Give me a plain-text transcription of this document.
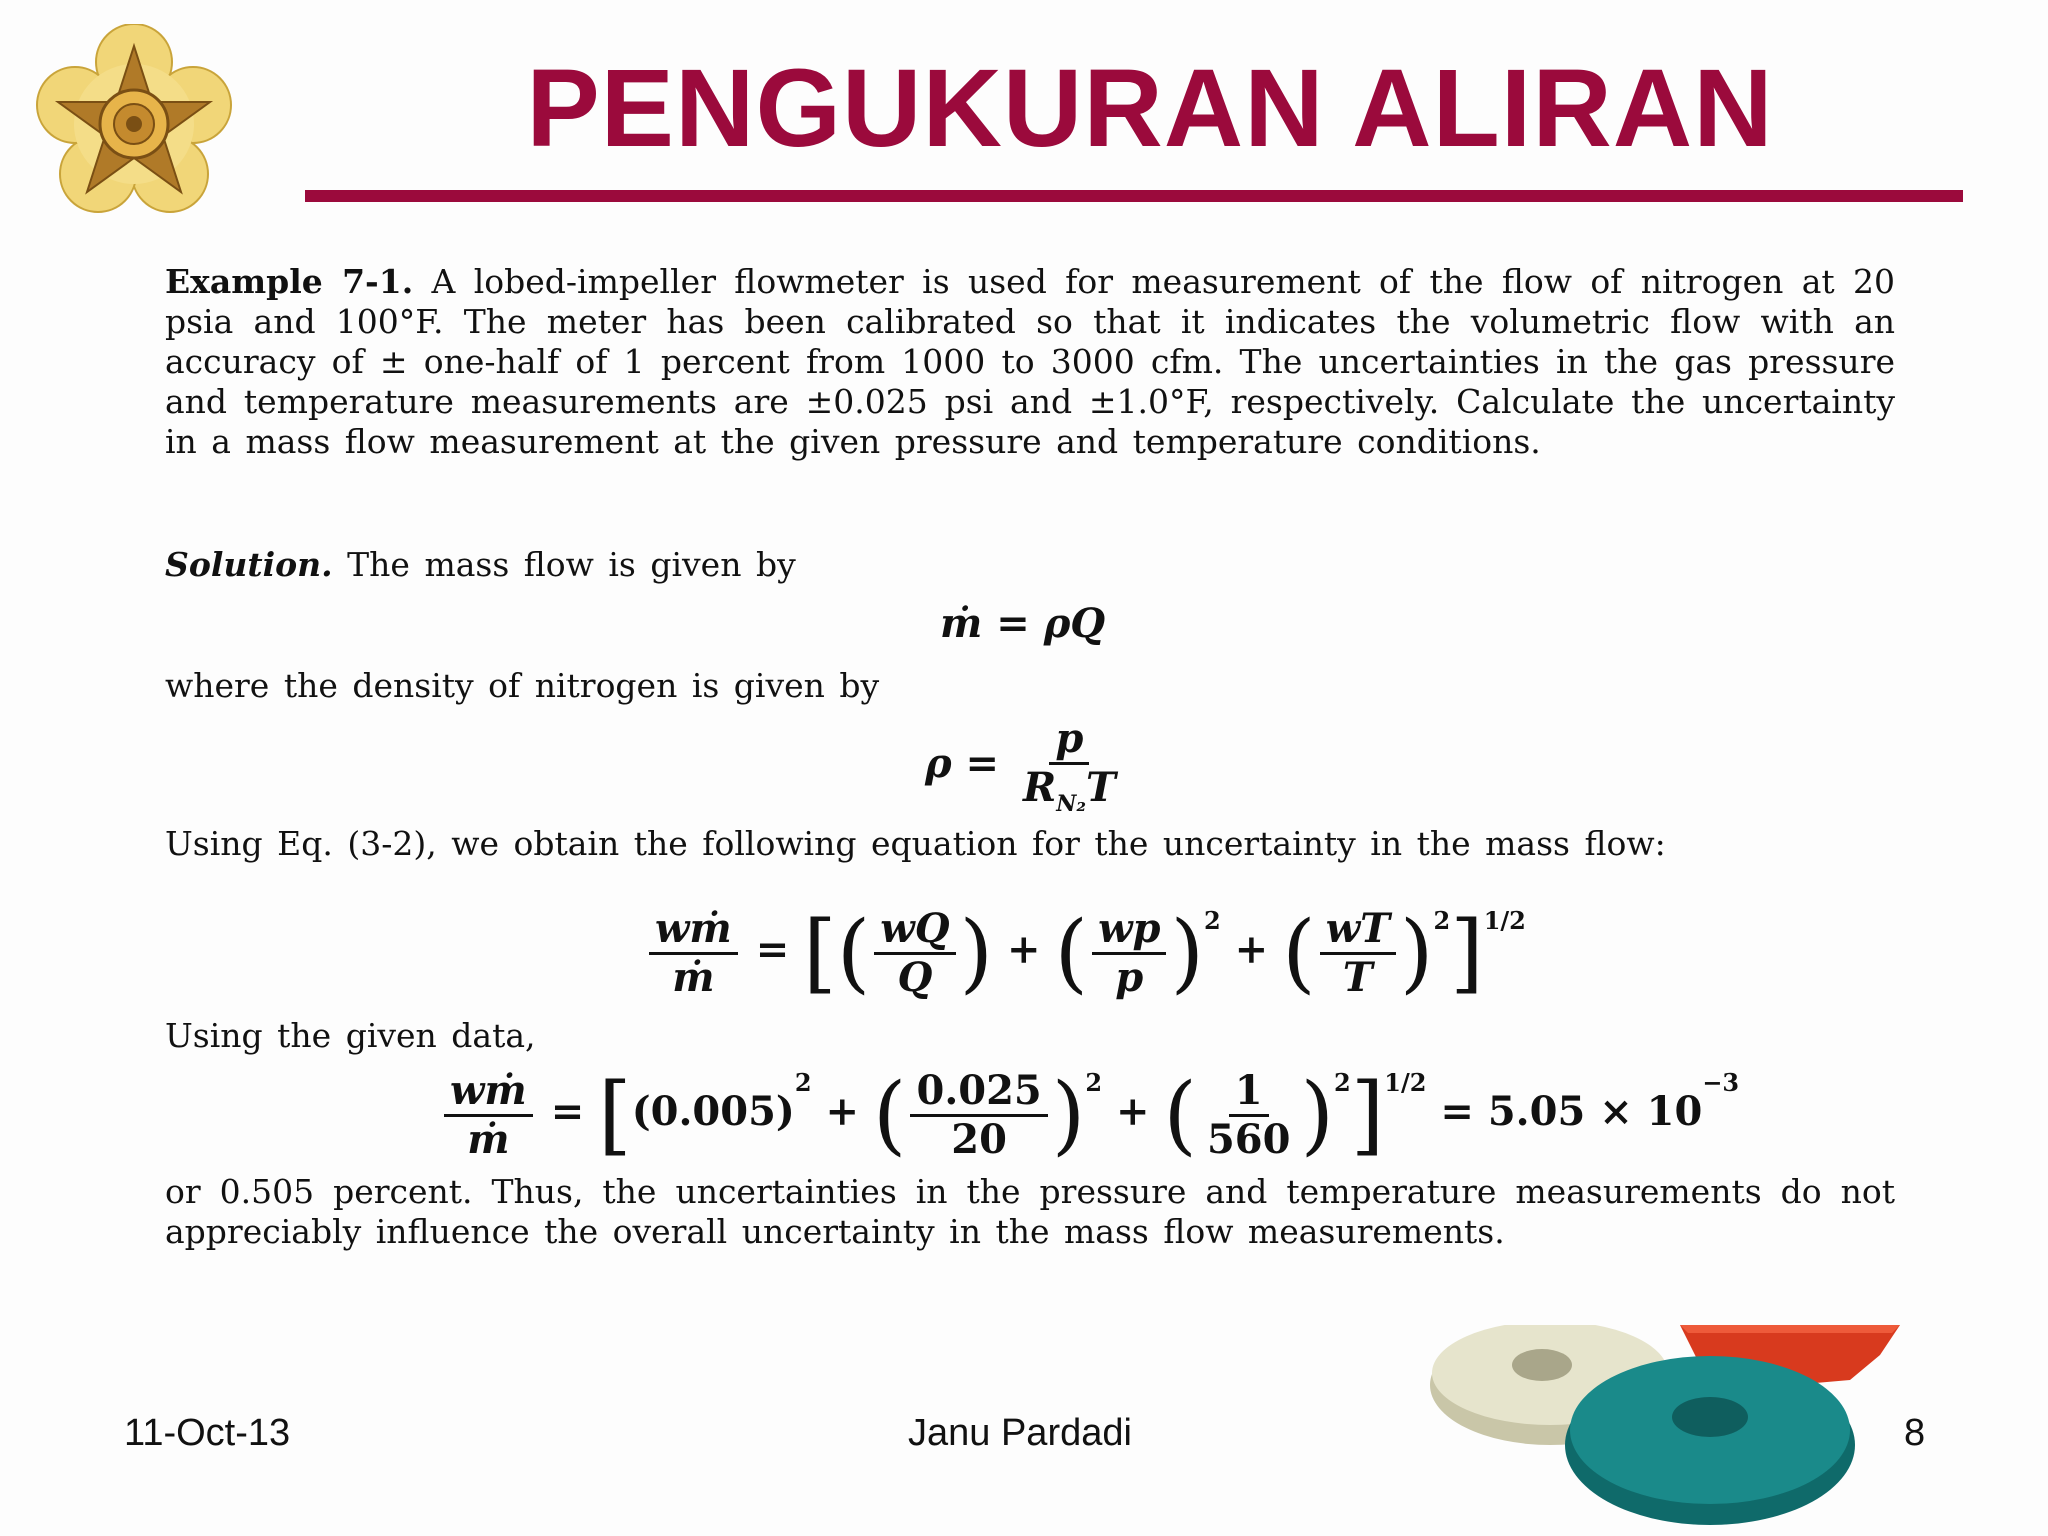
PENGUKURAN ALIRAN
Example 7-1. A lobed-impeller flowmeter is used for measurement of the flow of nitrogen at 20 psia and 100°F. The meter has been calibrated so that it indicates the volumetric flow with an accuracy of ± one-half of 1 percent from 1000 to 3000 cfm. The uncertainties in the gas pressure and temperature measurements are ±0.025 psi and ±1.0°F, respectively. Calculate the uncertainty in a mass flow measurement at the given pressure and temperature conditions.
Solution. The mass flow is given by
ṁ = ρQ
where the density of nitrogen is given by
$\rho = \frac{p}{R_{N_2}T}$
Using Eq. (3-2), we obtain the following equation for the uncertainty in the mass flow:
$\frac{\text{wṁ}}{\text{ṁ}}$ = [( $\frac{wQ}{Q}$ ) + ( $\frac{wp}{p} )^2$ + ( $\frac{wT}{T} )^2]^{1/2}$
Using the given data,
$\frac{\text{wṁ}}{\text{ṁ}} = [(0.005)^2$ + ( $\frac{0.025}{20} )^2$ + ( $\frac{1}{560} )^2]^{1/2} = 5.05 \times 10^{-3}$
or 0.505 percent. Thus, the uncertainties in the pressure and temperature measurements do not appreciably influence the overall uncertainty in the mass flow measurements.
11-Oct-13	Janu Pardadi	8
